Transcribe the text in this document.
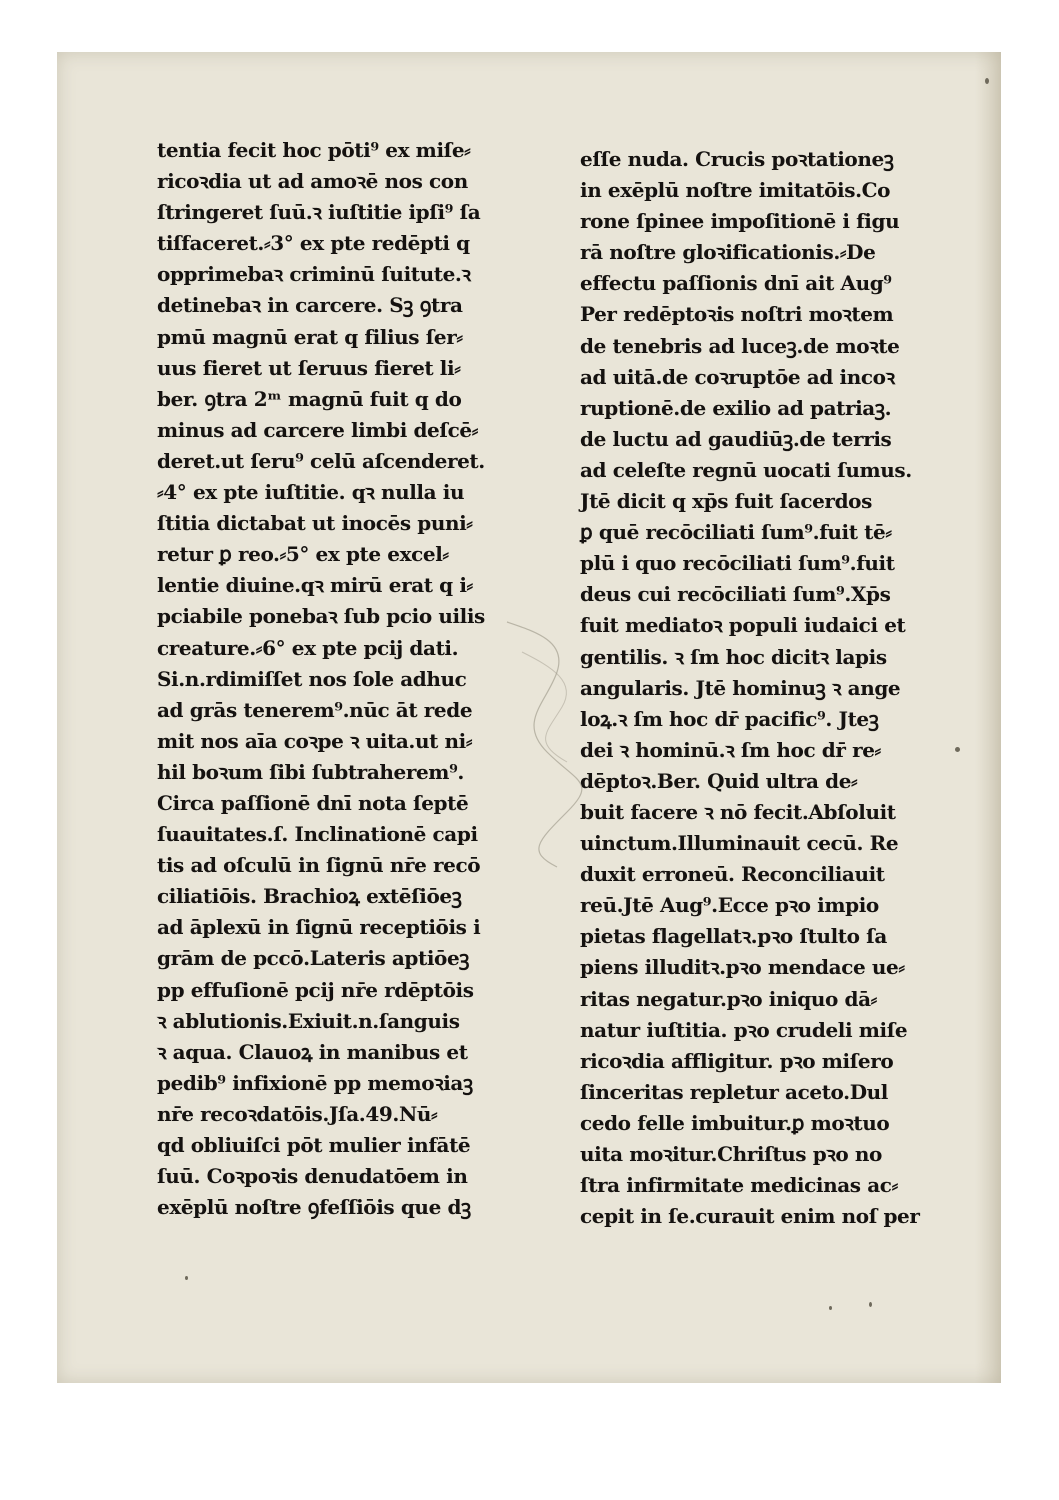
tentia fecit hoc pōti⁹ ex miſe⸗
ricoꝛdia ut ad amoꝛē nos con
ſtringeret ſuū.ꝛ iuſtitie ipſi⁹ ſa
tiſfaceret.⸗3° ex pte redēpti q
opprimebaꝛ criminū ſuitute.ꝛ
detinebaꝛ in carcere. Sꝫ ꝯtra
pmū magnū erat q filius ſer⸗
uus fieret ut ſeruus fieret li⸗
ber. ꝯtra 2ᵐ magnū fuit q do
minus ad carcere limbi deſcē⸗
deret.ut ſeru⁹ celū aſcenderet.
⸗4° ex pte iuſtitie. qꝛ nulla iu
ſtitia dictabat ut inocēs puni⸗
retur ꝑ reo.⸗5° ex pte excel⸗
lentie diuine.qꝛ mirū erat q i⸗
pciabile ponebaꝛ ſub pcio uilis
creature.⸗6° ex pte pcij dati.
Si.n.rdimiſſet nos ſole adhuc
ad grās tenerem⁹.nūc āt rede
mit nos aīa coꝛpe ꝛ uita.ut ni⸗
hil boꝛum ſibi ſubtraherem⁹.
Circa paſſionē dnī nota ſeptē
ſuauitates.ſ. Inclinationē capi
tis ad oſculū in ſignū nr̄e recō
ciliatiōis. Brachioꝝ extēſiōeꝫ
ad āplexū in ſignū receptiōis i
grām de pccō.Lateris aptiōeꝫ
pp effuſionē pcij nr̄e rdēptōis
ꝛ ablutionis.Exiuit.n.ſanguis
ꝛ aqua. Clauoꝝ in manibus et
pedib⁹ infixionē pp memoꝛiaꝫ
nr̄e recoꝛdatōis.Jſa.49.Nū⸗
qd obliuiſci pōt mulier infātē
ſuū. Coꝛpoꝛis denudatōem in
exēplū noſtre ꝯfeſſiōis que dꝫ
eſſe nuda. Crucis poꝛtationeꝫ
in exēplū noſtre imitatōis.Co
rone ſpinee impoſitionē i figu
rā noſtre gloꝛificationis.⸗De
effectu paſſionis dnī ait Aug⁹
Per redēptoꝛis noſtri moꝛtem
de tenebris ad luceꝫ.de moꝛte
ad uitā.de coꝛruptōe ad incoꝛ
ruptionē.de exilio ad patriaꝫ.
de luctu ad gaudiūꝫ.de terris
ad celeſte regnū uocati ſumus.
Jtē dicit q xp̄s fuit ſacerdos
ꝑ quē recōciliati ſum⁹.fuit tē⸗
plū i quo recōciliati ſum⁹.fuit
deus cui recōciliati ſum⁹.Xp̄s
fuit mediatoꝛ populi iudaici et
gentilis. ꝛ ſm hoc dicitꝛ lapis
angularis. Jtē hominuꝫ ꝛ ange
loꝝ.ꝛ ſm hoc dr̄ pacific⁹. Jteꝫ
dei ꝛ hominū.ꝛ ſm hoc dr̄ re⸗
dēptoꝛ.Ber. Quid ultra de⸗
buit facere ꝛ nō fecit.Abſoluit
uinctum.Illuminauit cecū. Re
duxit erroneū. Reconciliauit
reū.Jtē Aug⁹.Ecce pꝛo impio
pietas flagellatꝛ.pꝛo ſtulto ſa
piens illuditꝛ.pꝛo mendace ue⸗
ritas negatur.pꝛo iniquo dā⸗
natur iuſtitia. pꝛo crudeli miſe
ricoꝛdia affligitur. pꝛo miſero
ſinceritas repletur aceto.Dul
cedo felle imbuitur.ꝑ moꝛtuo
uita moꝛitur.Chriſtus pꝛo no
ſtra infirmitate medicinas ac⸗
cepit in ſe.curauit enim noſ per
